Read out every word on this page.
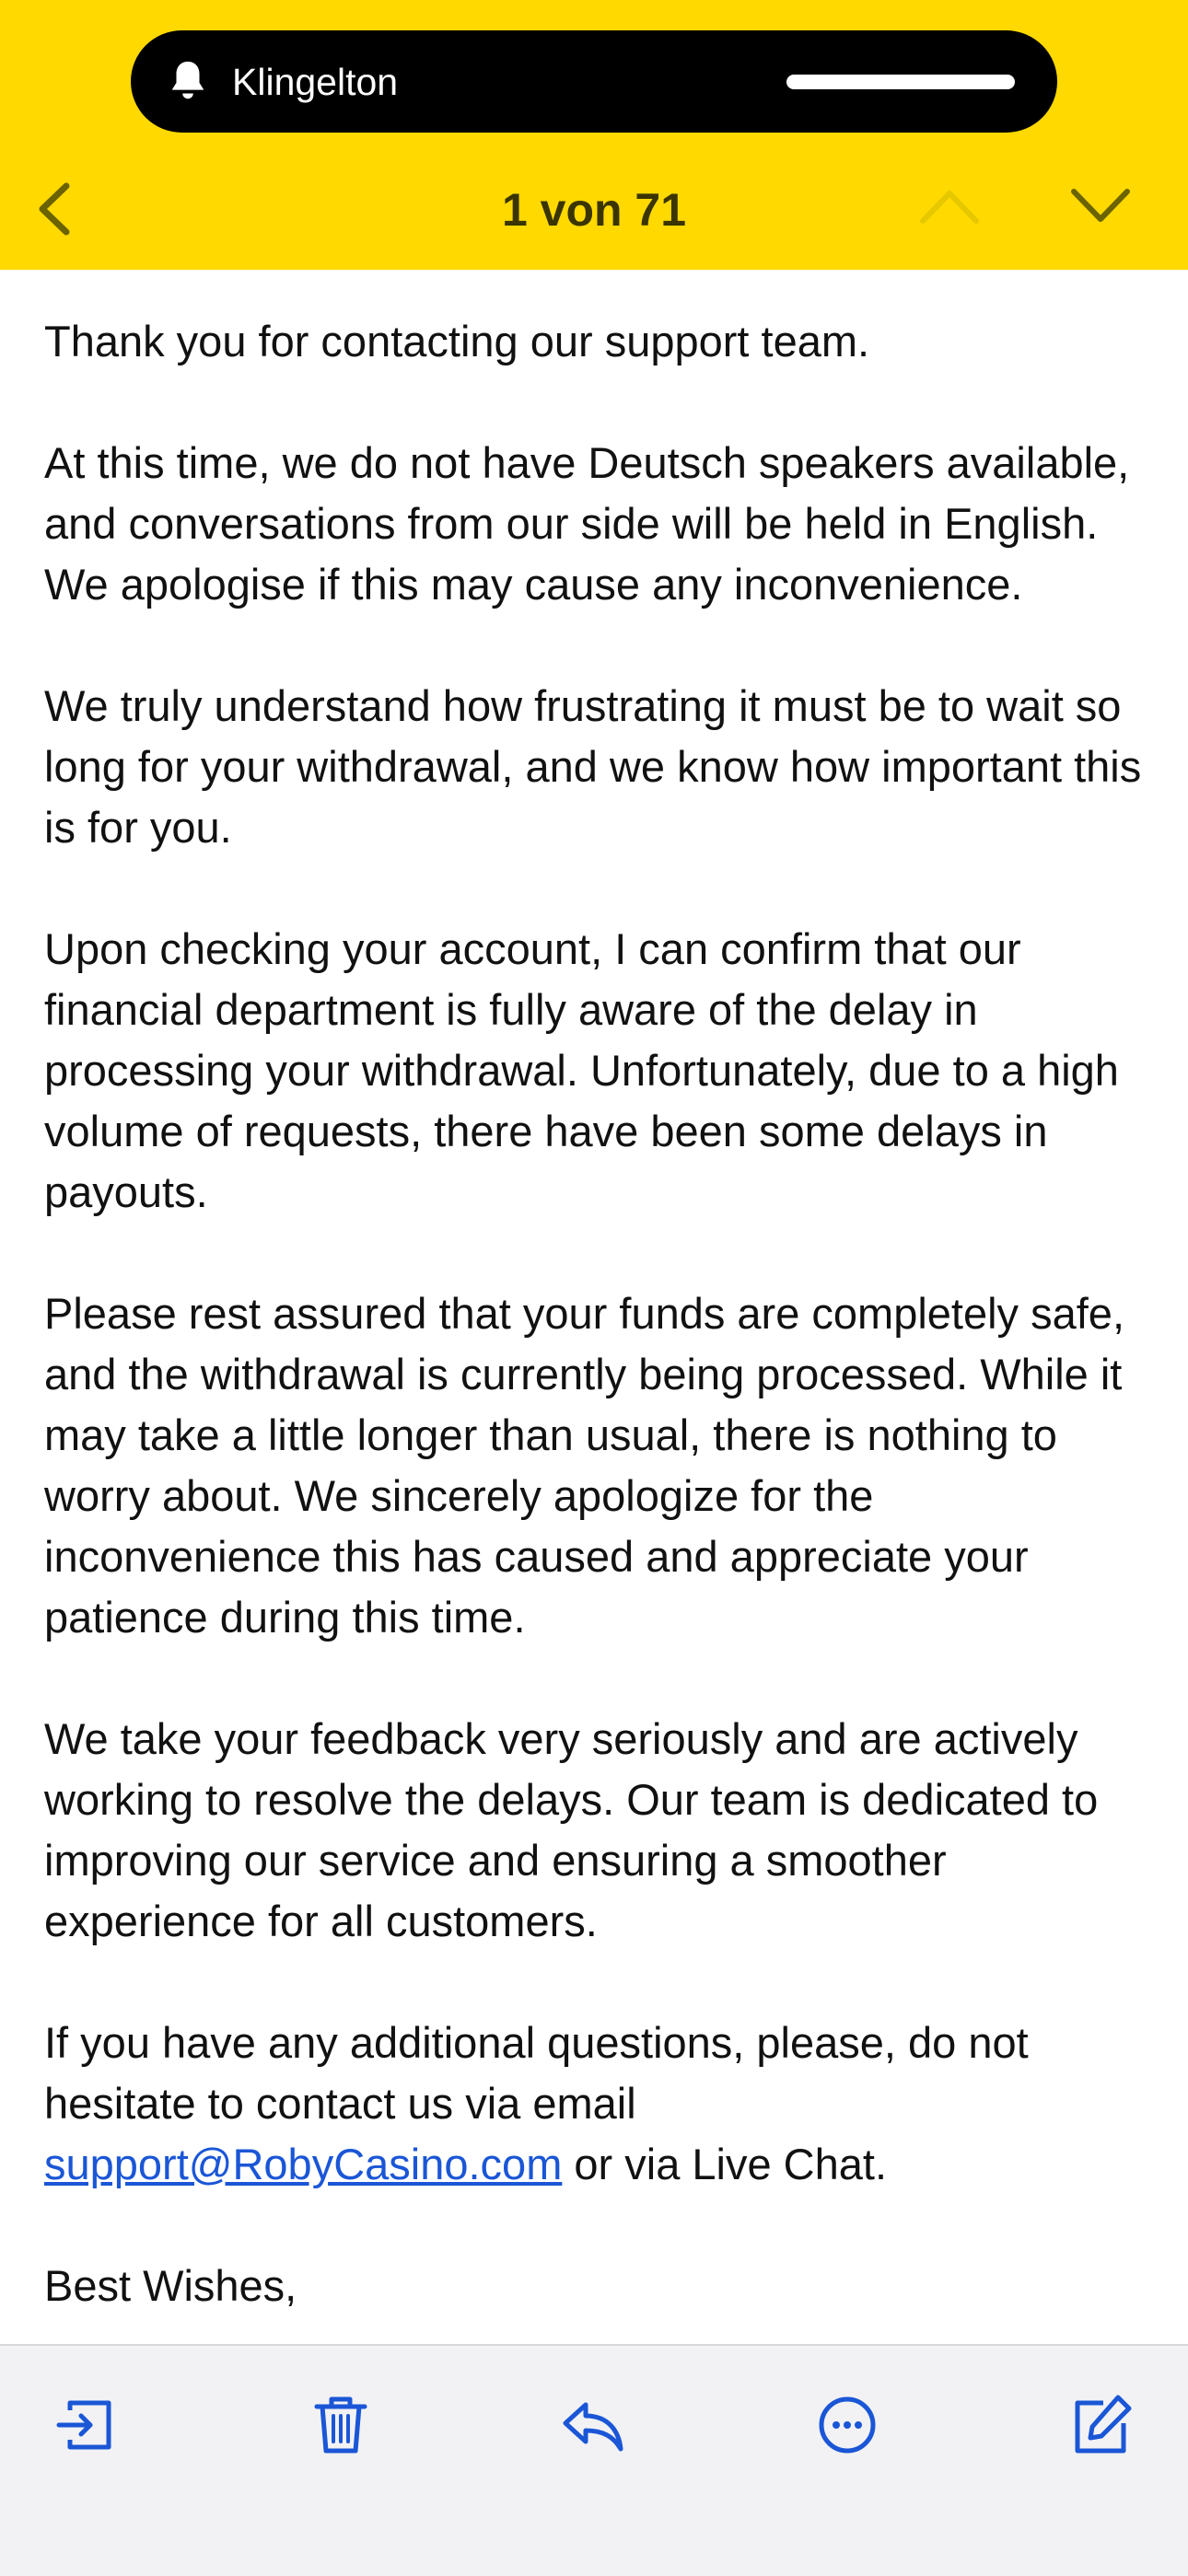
Klingelton
1 von 71

Thank you for contacting our support team.

At this time, we do not have Deutsch speakers available, and conversations from our side will be held in English. We apologise if this may cause any inconvenience.

We truly understand how frustrating it must be to wait so long for your withdrawal, and we know how important this is for you.

Upon checking your account, I can confirm that our financial department is fully aware of the delay in processing your withdrawal. Unfortunately, due to a high volume of requests, there have been some delays in payouts.

Please rest assured that your funds are completely safe, and the withdrawal is currently being processed. While it may take a little longer than usual, there is nothing to worry about. We sincerely apologize for the inconvenience this has caused and appreciate your patience during this time.

We take your feedback very seriously and are actively working to resolve the delays. Our team is dedicated to improving our service and ensuring a smoother experience for all customers.

If you have any additional questions, please, do not hesitate to contact us via email support@RobyCasino.com or via Live Chat.

Best Wishes,
